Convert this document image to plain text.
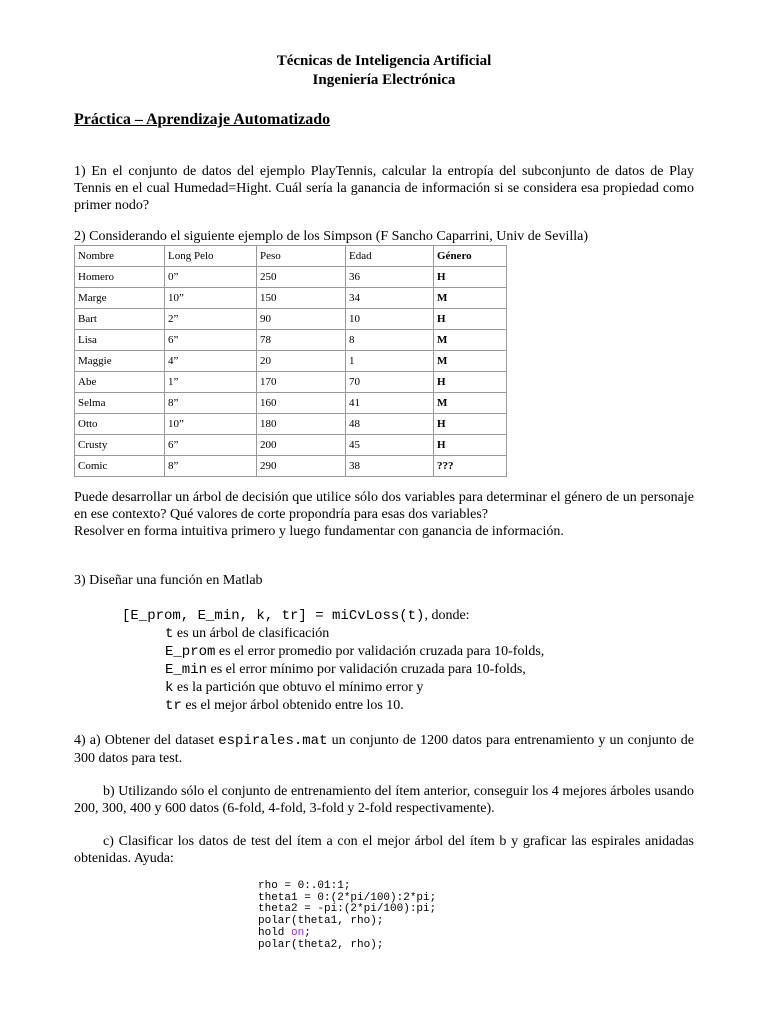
Técnicas de Inteligencia Artificial
Ingeniería Electrónica
Práctica – Aprendizaje Automatizado
1) En el conjunto de datos del ejemplo PlayTennis, calcular la entropía del subconjunto de datos de Play Tennis en el cual Humedad=Hight. Cuál sería la ganancia de información si se considera esa propiedad como primer nodo?
2) Considerando el siguiente ejemplo de los Simpson (F Sancho Caparrini, Univ de Sevilla)
Nombre	Long Pelo	Peso	Edad	Género
Homero	0”	250	36	H
Marge	10”	150	34	M
Bart	2”	90	10	H
Lisa	6”	78	8	M
Maggie	4”	20	1	M
Abe	1”	170	70	H
Selma	8”	160	41	M
Otto	10”	180	48	H
Crusty	6”	200	45	H
Comic	8”	290	38	???
Puede desarrollar un árbol de decisión que utilice sólo dos variables para determinar el género de un personaje en ese contexto? Qué valores de corte propondría para esas dos variables?
Resolver en forma intuitiva primero y luego fundamentar con ganancia de información.
3) Diseñar una función en Matlab
[E_prom, E_min, k, tr] = miCvLoss(t), donde:
t es un árbol de clasificación
E_prom es el error promedio por validación cruzada para 10-folds,
E_min es el error mínimo por validación cruzada para 10-folds,
k es la partición que obtuvo el mínimo error y
tr es el mejor árbol obtenido entre los 10.
4) a) Obtener del dataset espirales.mat un conjunto de 1200 datos para entrenamiento y un conjunto de 300 datos para test.
b) Utilizando sólo el conjunto de entrenamiento del ítem anterior, conseguir los 4 mejores árboles usando 200, 300, 400 y 600 datos (6-fold, 4-fold, 3-fold y 2-fold respectivamente).
c) Clasificar los datos de test del ítem a con el mejor árbol del ítem b y graficar las espirales anidadas obtenidas. Ayuda:
rho = 0:.01:1;
theta1 = 0:(2*pi/100):2*pi;
theta2 = -pi:(2*pi/100):pi;
polar(theta1, rho);
hold on;
polar(theta2, rho);
